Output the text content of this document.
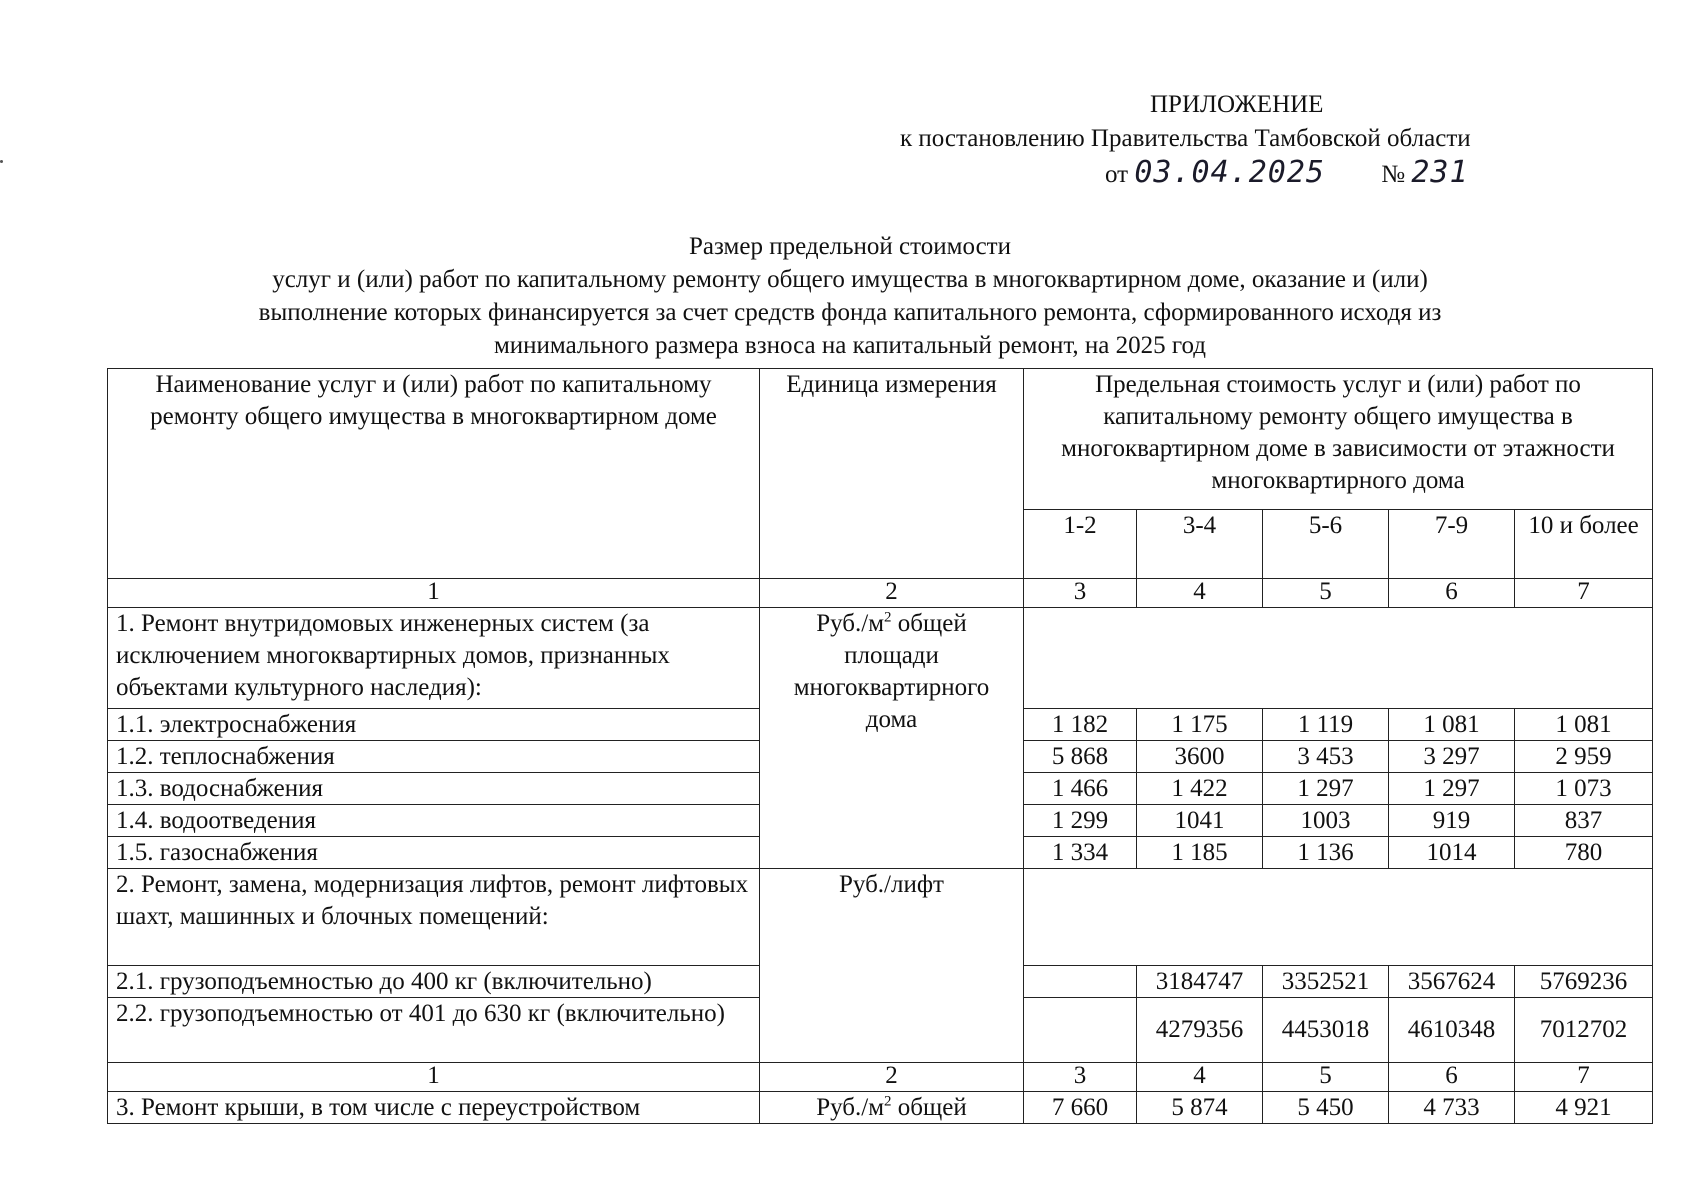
ПРИЛОЖЕНИЕ
к постановлению Правительства Тамбовской области
от 03.04.2025 № 231
Размер предельной стоимости
услуг и (или) работ по капитальному ремонту общего имущества в многоквартирном доме, оказание и (или)
выполнение которых финансируется за счет средств фонда капитального ремонта, сформированного исходя из
минимального размера взноса на капитальный ремонт, на 2025 год
Наименование услуг и (или) работ по капитальному ремонту общего имущества в многоквартирном доме	Единица измерения	Предельная стоимость услуг и (или) работ по капитальному ремонту общего имущества в многоквартирном доме в зависимости от этажности многоквартирного дома				
		1-2	3-4	5-6	7-9	10 и более
1	2	3	4	5	6	7
1. Ремонт внутридомовых инженерных систем (за исключением многоквартирных домов, признанных объектами культурного наследия):	$Руб./м^2$ общей площади многоквартирного дома					
1.1. электроснабжения		1 182	1 175	1 119	1 081	1 081
1.2. теплоснабжения		5 868	3600	3 453	3 297	2 959
1.3. водоснабжения		1 466	1 422	1 297	1 297	1 073
1.4. водоотведения		1 299	1041	1003	919	837
1.5. газоснабжения		1 334	1 185	1 136	1014	780
2. Ремонт, замена, модернизация лифтов, ремонт лифтовых шахт, машинных и блочных помещений:	Руб./лифт					
2.1. грузоподъемностью до 400 кг (включительно)			3184747	3352521	3567624	5769236
2.2. грузоподъемностью от 401 до 630 кг (включительно)			4279356	4453018	4610348	7012702
1	2	3	4	5	6	7
3. Ремонт крыши, в том числе с переустройством	$Руб./м^2$ общей	7 660	5 874	5 450	4 733	4 921
